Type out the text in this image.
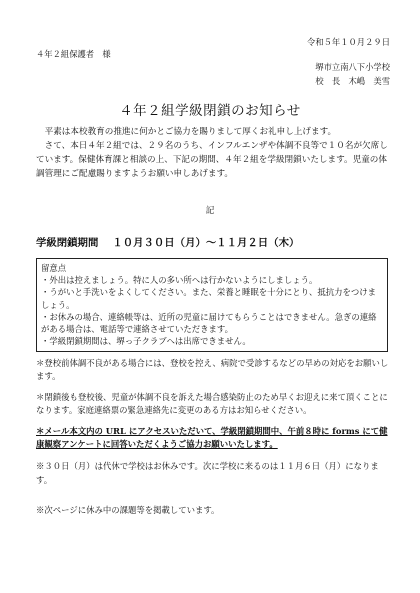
令和５年１０月２９日
４年２組保護者　様
堺市立南八下小学校
校　長　木嶋　美雪
４年２組学級閉鎖のお知らせ

平素は本校教育の推進に何かとご協力を賜りまして厚くお礼申し上げます。

さて、本日４年２組では、２９名のうち、インフルエンザや体調不良等で１０名が欠席しています。保健体育課と相談の上、下記の期間、４年２組を学級閉鎖いたします。児童の体調管理にご配慮賜りますようお願い申しあげます。

記
学級閉鎖期間 １０月３０日（月）～１１月２日（木）
留意点
・外出は控えましょう。特に人の多い所へは行かないようにしましょう。
・うがいと手洗いをよくしてください。また、栄養と睡眠を十分にとり、抵抗力をつけましょう。
・お休みの場合、連絡帳等は、近所の児童に届けてもらうことはできません。急ぎの連絡がある場合は、電話等で連絡させていただきます。
・学級閉鎖期間は、堺っ子クラブへは出席できません。

＊登校前体調不良がある場合には、登校を控え、病院で受診するなどの早めの対応をお願いします。

＊閉鎖後も登校後、児童が体調不良を訴えた場合感染防止のため早くお迎えに来て頂くことになります。家庭連絡票の緊急連絡先に変更のある方はお知らせください。

＊メール本文内の URL にアクセスいただいて、学級閉鎖期間中、午前８時に forms にて健康観察アンケートに回答いただくようご協力お願いいたします。

※３０日（月）は代休で学校はお休みです。次に学校に来るのは１１月６日（月）になります。

※次ページに休み中の課題等を掲載しています。
